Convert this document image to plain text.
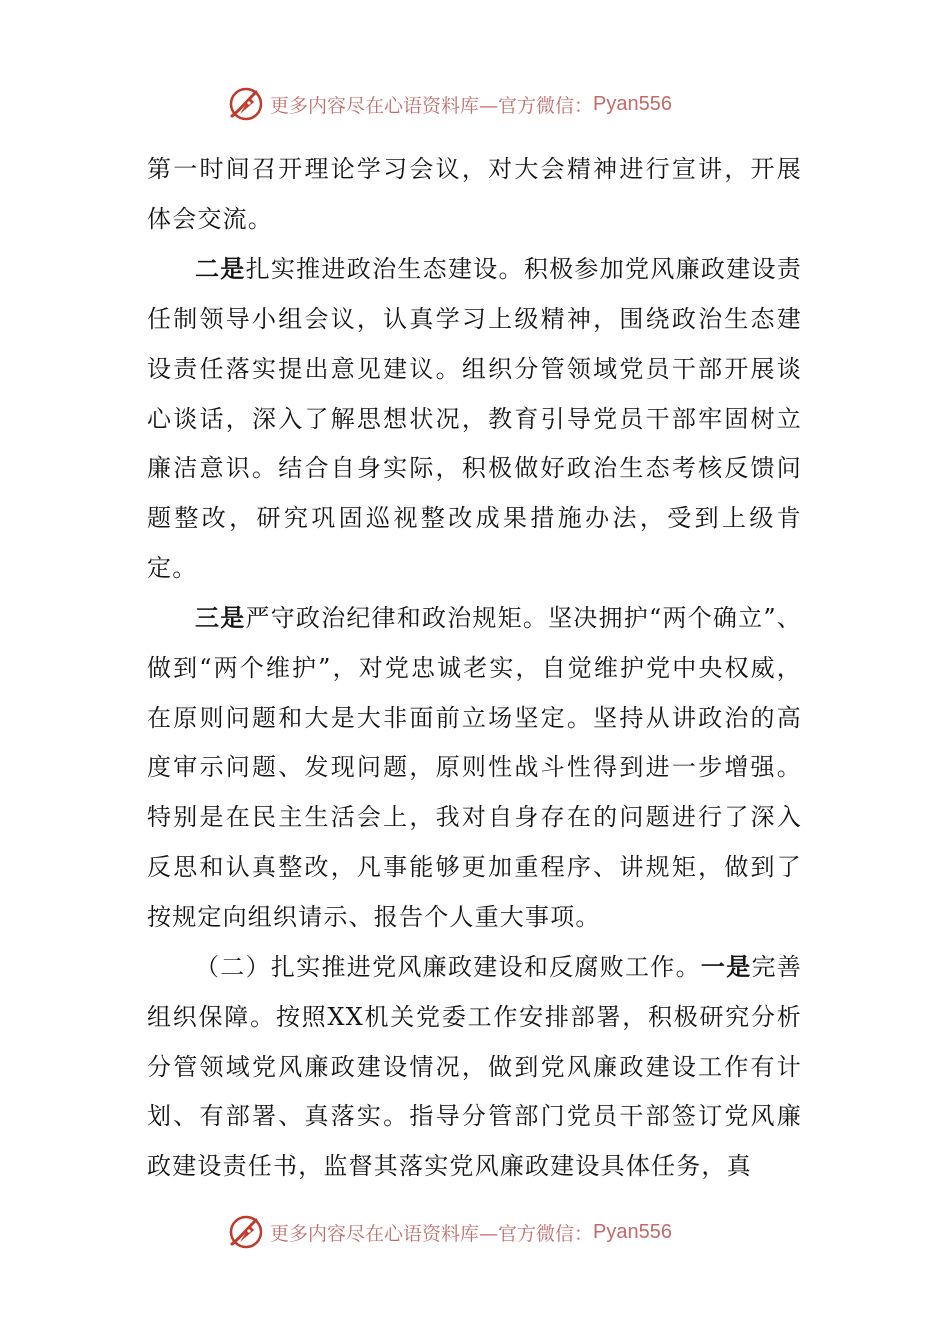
更多内容尽在心语资料库—官方微信： Pyan556

第一时间召开理论学习会议，对大会精神进行宣讲，开展体会交流。

二是扎实推进政治生态建设。积极参加党风廉政建设责任制领导小组会议，认真学习上级精神，围绕政治生态建设责任落实提出意见建议。组织分管领域党员干部开展谈心谈话，深入了解思想状况，教育引导党员干部牢固树立廉洁意识。结合自身实际，积极做好政治生态考核反馈问题整改，研究巩固巡视整改成果措施办法，受到上级肯定。

三是严守政治纪律和政治规矩。坚决拥护“两个确立”、做到“两个维护”，对党忠诚老实，自觉维护党中央权威，在原则问题和大是大非面前立场坚定。坚持从讲政治的高度审示问题、发现问题，原则性战斗性得到进一步增强。特别是在民主生活会上，我对自身存在的问题进行了深入反思和认真整改，凡事能够更加重程序、讲规矩，做到了按规定向组织请示、报告个人重大事项。

（二）扎实推进党风廉政建设和反腐败工作。一是完善组织保障。按照XX机关党委工作安排部署，积极研究分析分管领域党风廉政建设情况，做到党风廉政建设工作有计划、有部署、真落实。指导分管部门党员干部签订党风廉政建设责任书，监督其落实党风廉政建设具体任务，真

更多内容尽在心语资料库—官方微信： Pyan556
